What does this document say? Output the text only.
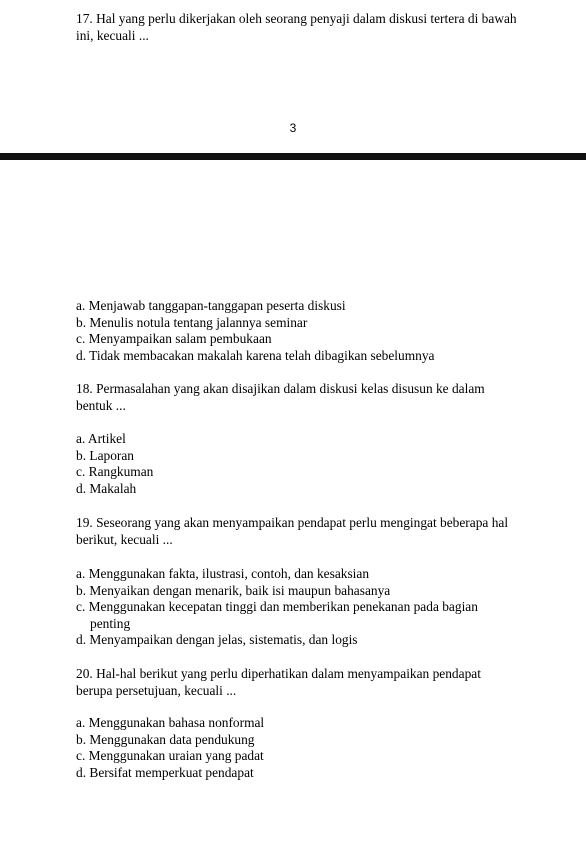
17. Hal yang perlu dikerjakan oleh seorang penyaji dalam diskusi tertera di bawah
ini, kecuali ...
3
a. Menjawab tanggapan-tanggapan peserta diskusi
b. Menulis notula tentang jalannya seminar
c. Menyampaikan salam pembukaan
d. Tidak membacakan makalah karena telah dibagikan sebelumnya
18. Permasalahan yang akan disajikan dalam diskusi kelas disusun ke dalam
bentuk ...
a. Artikel
b. Laporan
c. Rangkuman
d. Makalah
19. Seseorang yang akan menyampaikan pendapat perlu mengingat beberapa hal
berikut, kecuali ...
a. Menggunakan fakta, ilustrasi, contoh, dan kesaksian
b. Menyaikan dengan menarik, baik isi maupun bahasanya
c. Menggunakan kecepatan tinggi dan memberikan penekanan pada bagian
penting
d. Menyampaikan dengan jelas, sistematis, dan logis
20. Hal-hal berikut yang perlu diperhatikan dalam menyampaikan pendapat
berupa persetujuan, kecuali ...
a. Menggunakan bahasa nonformal
b. Menggunakan data pendukung
c. Menggunakan uraian yang padat
d. Bersifat memperkuat pendapat
